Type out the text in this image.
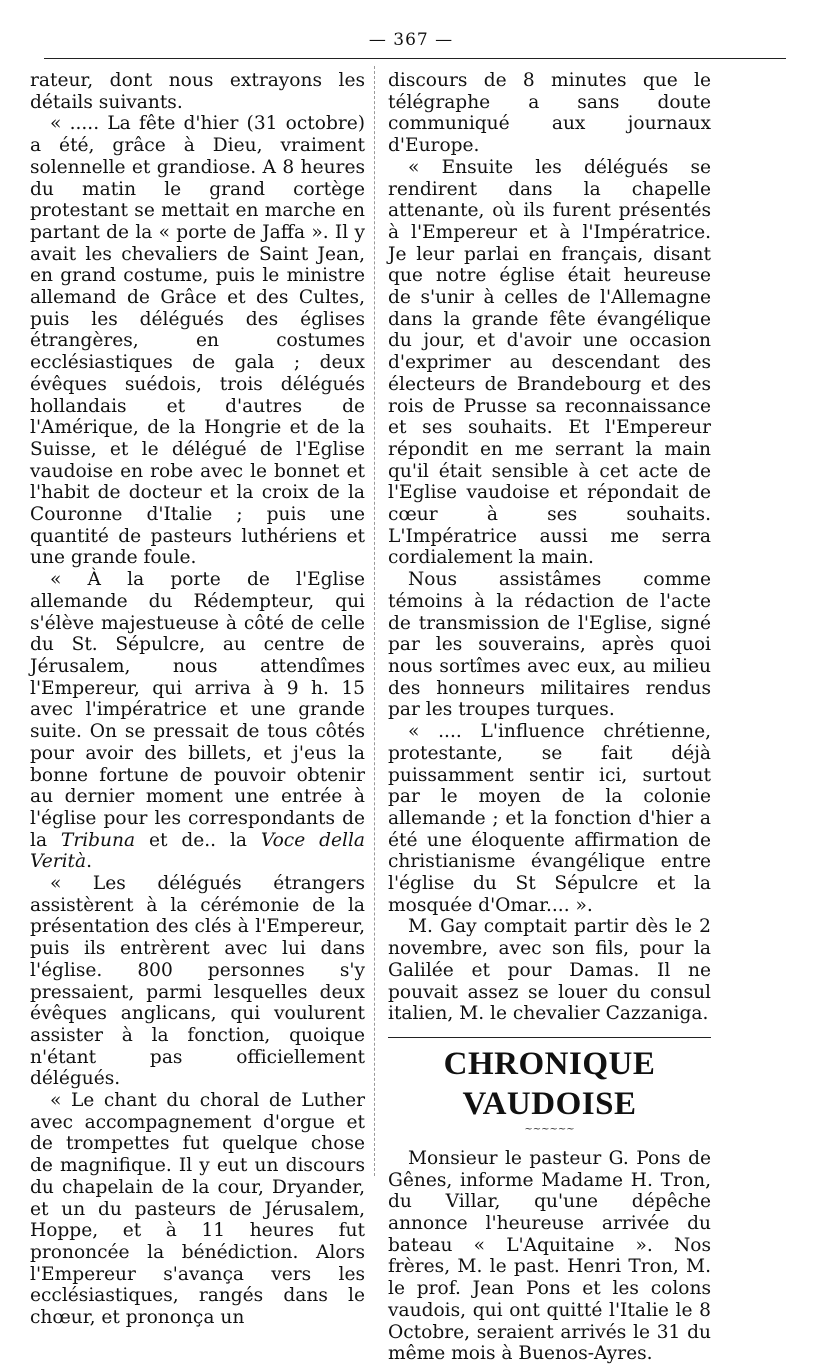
— 367 —

rateur, dont nous extrayons les détails suivants.

« ..... La fête d'hier (31 octobre) a été, grâce à Dieu, vraiment solennelle et grandiose. A 8 heures du matin le grand cortège protestant se mettait en marche en partant de la « porte de Jaffa ». Il y avait les chevaliers de Saint Jean, en grand costume, puis le ministre allemand de Grâce et des Cultes, puis les délégués des églises étrangères, en costumes ecclésiastiques de gala ; deux évêques suédois, trois délégués hollandais et d'autres de l'Amérique, de la Hongrie et de la Suisse, et le délégué de l'Eglise vaudoise en robe avec le bonnet et l'habit de docteur et la croix de la Couronne d'Italie ; puis une quantité de pasteurs luthériens et une grande foule.

« À la porte de l'Eglise allemande du Rédempteur, qui s'élève majestueuse à côté de celle du St. Sépulcre, au centre de Jérusalem, nous attendîmes l'Empereur, qui arriva à 9 h. 15 avec l'impératrice et une grande suite. On se pressait de tous côtés pour avoir des billets, et j'eus la bonne fortune de pouvoir obtenir au dernier moment une entrée à l'église pour les correspondants de la Tribuna et de.. la Voce della Verità.

« Les délégués étrangers assistèrent à la cérémonie de la présentation des clés à l'Empereur, puis ils entrèrent avec lui dans l'église. 800 personnes s'y pressaient, parmi lesquelles deux évêques anglicans, qui voulurent assister à la fonction, quoique n'étant pas officiellement délégués.

« Le chant du choral de Luther avec accompagnement d'orgue et de trompettes fut quelque chose de magnifique. Il y eut un discours du chapelain de la cour, Dryander, et un du pasteurs de Jérusalem, Hoppe, et à 11 heures fut prononcée la bénédiction. Alors l'Empereur s'avança vers les ecclésiastiques, rangés dans le chœur, et prononça un

discours de 8 minutes que le télégraphe a sans doute communiqué aux journaux d'Europe.

« Ensuite les délégués se rendirent dans la chapelle attenante, où ils furent présentés à l'Empereur et à l'Impératrice. Je leur parlai en français, disant que notre église était heureuse de s'unir à celles de l'Allemagne dans la grande fête évangélique du jour, et d'avoir une occasion d'exprimer au descendant des électeurs de Brandebourg et des rois de Prusse sa reconnaissance et ses souhaits. Et l'Empereur répondit en me serrant la main qu'il était sensible à cet acte de l'Eglise vaudoise et répondait de cœur à ses souhaits. L'Impératrice aussi me serra cordialement la main.

Nous assistâmes comme témoins à la rédaction de l'acte de transmission de l'Eglise, signé par les souverains, après quoi nous sortîmes avec eux, au milieu des honneurs militaires rendus par les troupes turques.

« .... L'influence chrétienne, protestante, se fait déjà puissamment sentir ici, surtout par le moyen de la colonie allemande ; et la fonction d'hier a été une éloquente affirmation de christianisme évangélique entre l'église du St Sépulcre et la mosquée d'Omar.... ».

M. Gay comptait partir dès le 2 novembre, avec son fils, pour la Galilée et pour Damas. Il ne pouvait assez se louer du consul italien, M. le chevalier Cazzaniga.

CHRONIQUE VAUDOISE
~~~~~~

Monsieur le pasteur G. Pons de Gênes, informe Madame H. Tron, du Villar, qu'une dépêche annonce l'heureuse arrivée du bateau « L'Aquitaine ». Nos frères, M. le past. Henri Tron, M. le prof. Jean Pons et les colons vaudois, qui ont quitté l'Italie le 8 Octobre, seraient arrivés le 31 du même mois à Buenos-Ayres.
